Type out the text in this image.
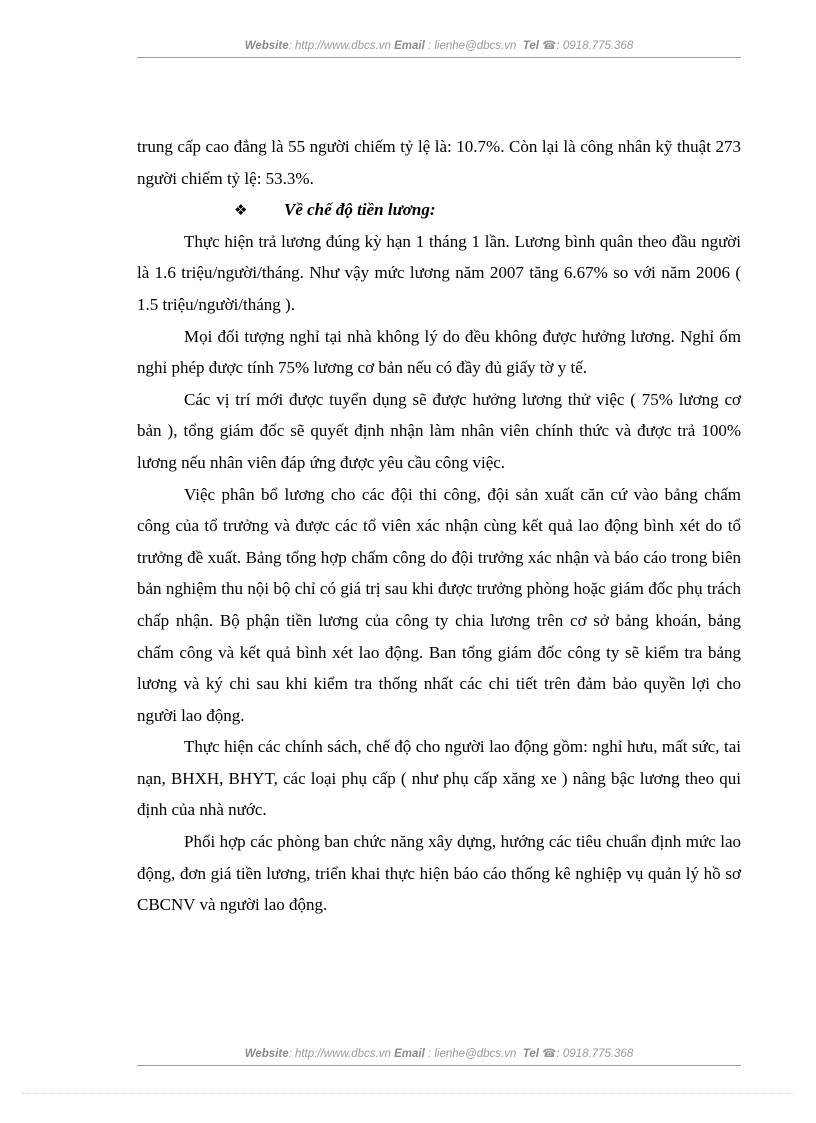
Website: http://www.dbcs.vn Email : lienhe@dbcs.vn Tel ☎: 0918.775.368

trung cấp cao đẳng là 55 người chiếm tỷ lệ là: 10.7%. Còn lại là công nhân kỹ thuật 273 người chiếm tỷ lệ: 53.3%.

❖ Về chế độ tiền lương:

Thực hiện trả lương đúng kỳ hạn 1 tháng 1 lần. Lương bình quân theo đầu người là 1.6 triệu/người/tháng. Như vậy mức lương năm 2007 tăng 6.67% so với năm 2006 ( 1.5 triệu/người/tháng ).

Mọi đối tượng nghỉ tại nhà không lý do đều không được hưởng lương. Nghỉ ốm nghỉ phép được tính 75% lương cơ bản nếu có đầy đủ giấy tờ y tế.

Các vị trí mới được tuyển dụng sẽ được hưởng lương thử việc ( 75% lương cơ bản ), tổng giám đốc sẽ quyết định nhận làm nhân viên chính thức và được trả 100% lương nếu nhân viên đáp ứng được yêu cầu công việc.

Việc phân bổ lương cho các đội thi công, đội sản xuất căn cứ vào bảng chấm công của tổ trưởng và được các tổ viên xác nhận cùng kết quả lao động bình xét do tổ trưởng đề xuất. Bảng tổng hợp chấm công do đội trưởng xác nhận và báo cáo trong biên bản nghiệm thu nội bộ chỉ có giá trị sau khi được trưởng phòng hoặc giám đốc phụ trách chấp nhận. Bộ phận tiền lương của công ty chia lương trên cơ sở bảng khoán, bảng chấm công và kết quả bình xét lao động. Ban tổng giám đốc công ty sẽ kiểm tra bảng lương và ký chi sau khi kiểm tra thống nhất các chi tiết trên đảm bảo quyền lợi cho người lao động.

Thực hiện các chính sách, chế độ cho người lao động gồm: nghỉ hưu, mất sức, tai nạn, BHXH, BHYT, các loại phụ cấp ( như phụ cấp xăng xe ) nâng bậc lương theo qui định của nhà nước.

Phối hợp các phòng ban chức năng xây dựng, hướng các tiêu chuẩn định mức lao động, đơn giá tiền lương, triển khai thực hiện báo cáo thống kê nghiệp vụ quản lý hồ sơ CBCNV và người lao động.

Website: http://www.dbcs.vn Email : lienhe@dbcs.vn Tel ☎: 0918.775.368
